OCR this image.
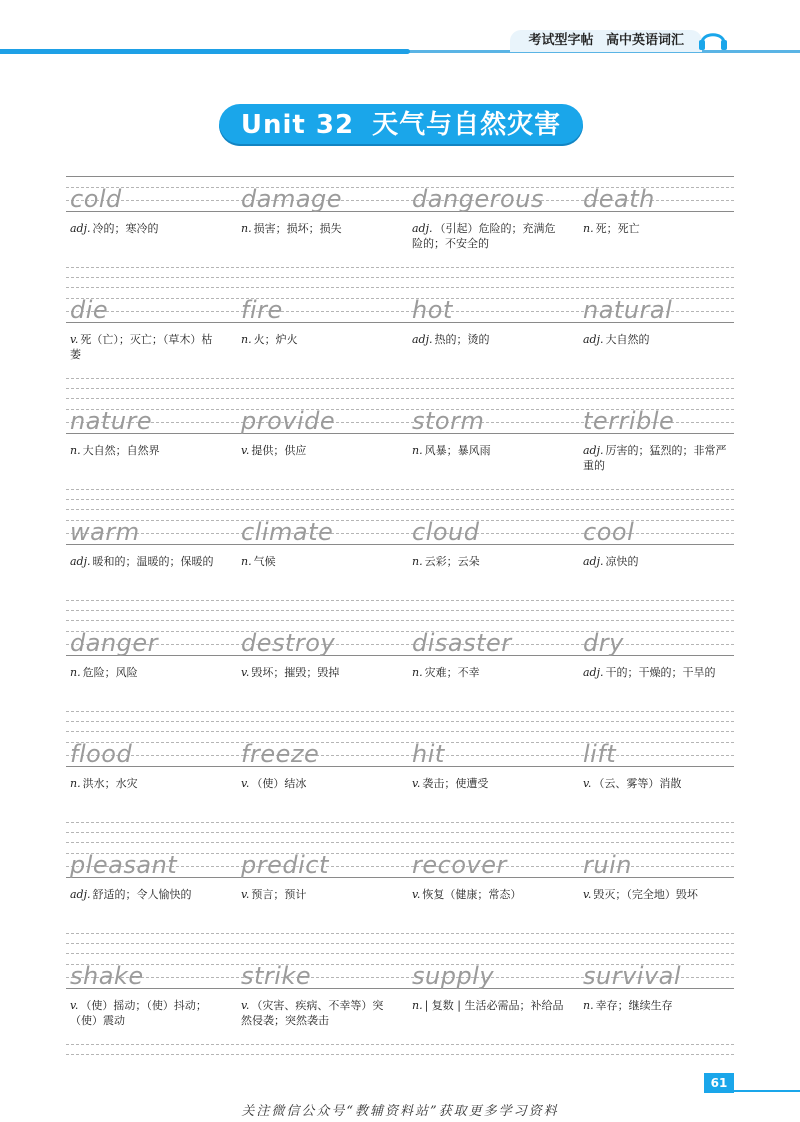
考试型字帖 高中英语词汇
Unit 32 天气与自然灾害
cold
adj. 冷的；寒冷的
damage
n. 损害；损坏；损失
dangerous
adj. （引起）危险的；充满危险的；不安全的
death
n. 死；死亡
die
v. 死（亡）；灭亡；（草木）枯萎
fire
n. 火；炉火
hot
adj. 热的；烫的
natural
adj. 大自然的
nature
n. 大自然；自然界
provide
v. 提供；供应
storm
n. 风暴；暴风雨
terrible
adj. 厉害的；猛烈的；非常严重的
warm
adj. 暖和的；温暖的；保暖的
climate
n. 气候
cloud
n. 云彩；云朵
cool
adj. 凉快的
danger
n. 危险；风险
destroy
v. 毁坏；摧毁；毁掉
disaster
n. 灾难；不幸
dry
adj. 干的；干燥的；干旱的
flood
n. 洪水；水灾
freeze
v. （使）结冰
hit
v. 袭击；使遭受
lift
v. （云、雾等）消散
pleasant
adj. 舒适的；令人愉快的
predict
v. 预言；预计
recover
v. 恢复（健康；常态）
ruin
v. 毁灭；（完全地）毁坏
shake
v. （使）摇动；（使）抖动；（使）震动
strike
v. （灾害、疾病、不幸等）突然侵袭；突然袭击
supply
n. | 复数 | 生活必需品；补给品
survival
n. 幸存；继续生存
61
关注微信公众号“教辅资料站”获取更多学习资料
